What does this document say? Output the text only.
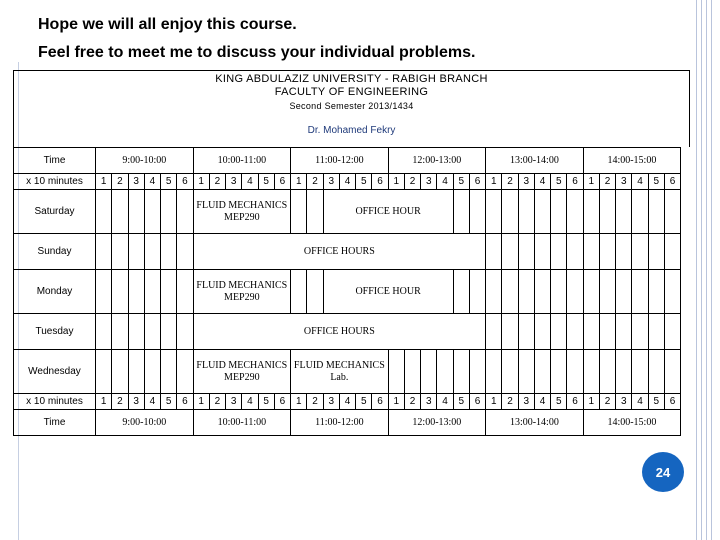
Hope we will all enjoy this course.
Feel free to meet me to discuss your individual problems.
KING ABDULAZIZ UNIVERSITY - RABIGH BRANCH
FACULTY OF ENGINEERING
Second Semester 2013/1434
Dr. Mohamed Fekry
Time	9:00-10:00						10:00-11:00						11:00-12:00						12:00-13:00						13:00-14:00						14:00-15:00					
x 10 minutes	1	2	3	4	5	6	1	2	3	4	5	6	1	2	3	4	5	6	1	2	3	4	5	6	1	2	3	4	5	6	1	2	3	4	5	6
Saturday							FLUID MECHANICS MEP290								OFFICE HOUR																					
Sunday							OFFICE HOURS																													
Monday							FLUID MECHANICS MEP290								OFFICE HOUR																					
Tuesday							OFFICE HOURS																													
Wednesday							FLUID MECHANICS MEP290						FLUID MECHANICS Lab.																							
x 10 minutes	1	2	3	4	5	6	1	2	3	4	5	6	1	2	3	4	5	6	1	2	3	4	5	6	1	2	3	4	5	6	1	2	3	4	5	6
Time	9:00-10:00						10:00-11:00						11:00-12:00						12:00-13:00						13:00-14:00						14:00-15:00					
24
